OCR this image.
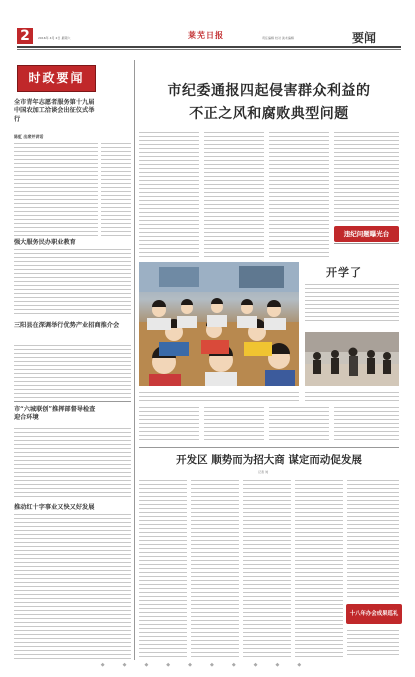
2	2016年 4月 2日 星期六	莱芜日报	责任编辑 校对 美术编辑	要闻
时政要闻
全市青年志愿者服务第十九届中国农加工洽谈会出征仪式举行
陈虹 出席并讲话
强大服务民办职业教育
三阳县在深调举行优势产业招商推介会
市“六城联创”推挥部督导检查迎合环境
推动红十字事业又快又好发展
市纪委通报四起侵害群众利益的
不正之风和腐败典型问题
违纪问题曝光台
开学了
开发区 顺势而为招大商 谋定而动促发展
记者 刘
十八年办会成果巡礼
◆◆◆◆◆◆◆◆◆◆
